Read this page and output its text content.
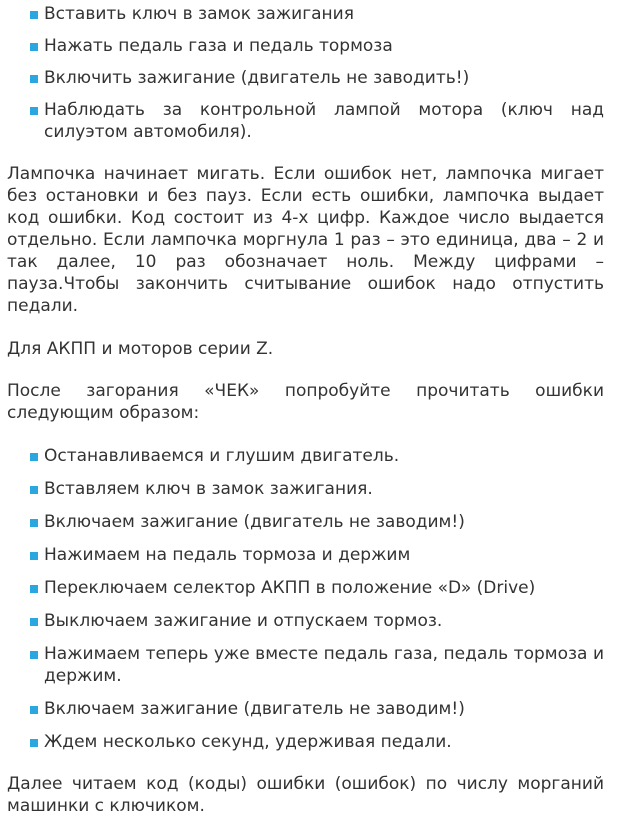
Вставить ключ в замок зажигания
Нажать педаль газа и педаль тормоза
Включить зажигание (двигатель не заводить!)
Наблюдать за контрольной лампой мотора (ключ над силуэтом автомобиля).

Лампочка начинает мигать. Если ошибок нет, лампочка мигает без остановки и без пауз. Если есть ошибки, лампочка выдает код ошибки. Код состоит из 4-х цифр. Каждое число выдается отдельно. Если лампочка моргнула 1 раз – это единица, два – 2 и так далее, 10 раз обозначает ноль. Между цифрами – пауза.Чтобы закончить считывание ошибок надо отпустить педали.

Для АКПП и моторов серии Z.

После загорания «ЧЕК» попробуйте прочитать ошибки следующим образом:

Останавливаемся и глушим двигатель.
Вставляем ключ в замок зажигания.
Включаем зажигание (двигатель не заводим!)
Нажимаем на педаль тормоза и держим
Переключаем селектор АКПП в положение «D» (Drive)
Выключаем зажигание и отпускаем тормоз.
Нажимаем теперь уже вместе педаль газа, педаль тормоза и держим.
Включаем зажигание (двигатель не заводим!)
Ждем несколько секунд, удерживая педали.

Далее читаем код (коды) ошибки (ошибок) по числу морганий машинки с ключиком.
